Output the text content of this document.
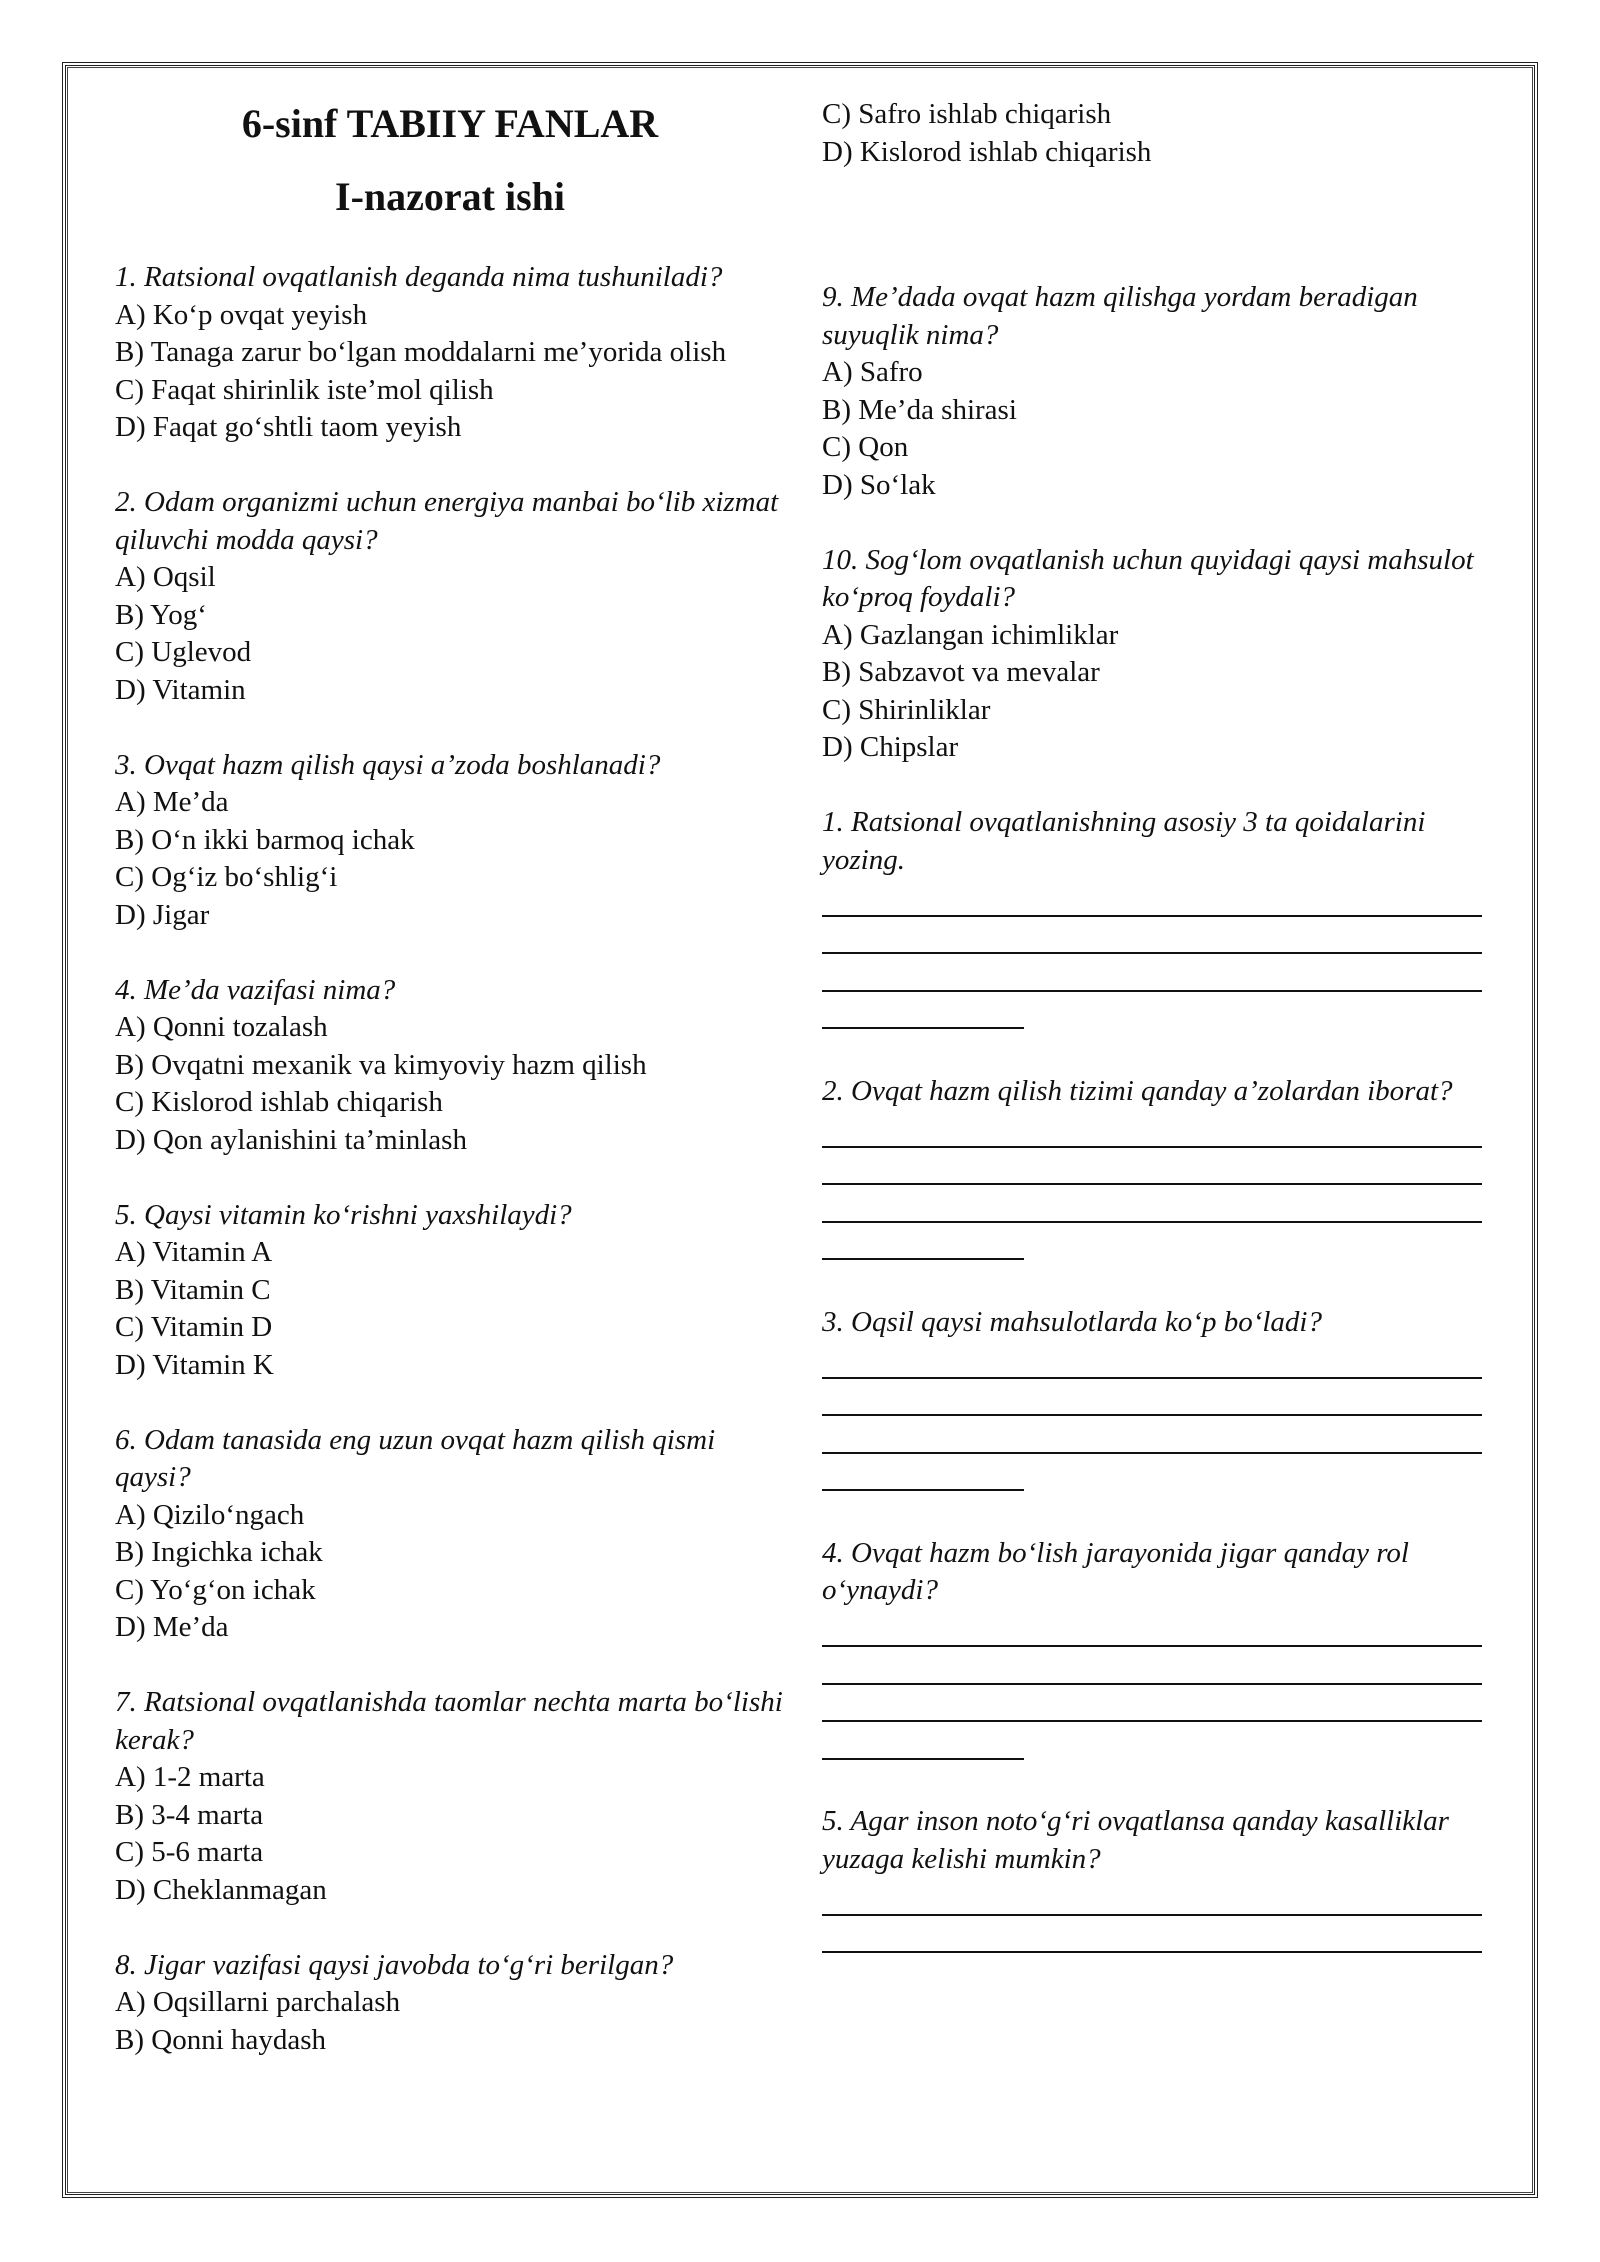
6-sinf TABIIY FANLAR
I-nazorat ishi
1. Ratsional ovqatlanish deganda nima tushuniladi?
A) Ko‘p ovqat yeyish
B) Tanaga zarur bo‘lgan moddalarni me’yorida olish
C) Faqat shirinlik iste’mol qilish
D) Faqat go‘shtli taom yeyish
2. Odam organizmi uchun energiya manbai bo‘lib xizmat qiluvchi modda qaysi?
A) Oqsil
B) Yog‘
C) Uglevod
D) Vitamin
3. Ovqat hazm qilish qaysi a’zoda boshlanadi?
A) Me’da
B) O‘n ikki barmoq ichak
C) Og‘iz bo‘shlig‘i
D) Jigar
4. Me’da vazifasi nima?
A) Qonni tozalash
B) Ovqatni mexanik va kimyoviy hazm qilish
C) Kislorod ishlab chiqarish
D) Qon aylanishini ta’minlash
5. Qaysi vitamin ko‘rishni yaxshilaydi?
A) Vitamin A
B) Vitamin C
C) Vitamin D
D) Vitamin K
6. Odam tanasida eng uzun ovqat hazm qilish qismi qaysi?
A) Qizilo‘ngach
B) Ingichka ichak
C) Yo‘g‘on ichak
D) Me’da
7. Ratsional ovqatlanishda taomlar nechta marta bo‘lishi kerak?
A) 1-2 marta
B) 3-4 marta
C) 5-6 marta
D) Cheklanmagan
8. Jigar vazifasi qaysi javobda to‘g‘ri berilgan?
A) Oqsillarni parchalash
B) Qonni haydash
C) Safro ishlab chiqarish
D) Kislorod ishlab chiqarish
9. Me’dada ovqat hazm qilishga yordam beradigan suyuqlik nima?
A) Safro
B) Me’da shirasi
C) Qon
D) So‘lak
10. Sog‘lom ovqatlanish uchun quyidagi qaysi mahsulot ko‘proq foydali?
A) Gazlangan ichimliklar
B) Sabzavot va mevalar
C) Shirinliklar
D) Chipslar
1. Ratsional ovqatlanishning asosiy 3 ta qoidalarini yozing.
2. Ovqat hazm qilish tizimi qanday a’zolardan iborat?
3. Oqsil qaysi mahsulotlarda ko‘p bo‘ladi?
4. Ovqat hazm bo‘lish jarayonida jigar qanday rol o‘ynaydi?
5. Agar inson noto‘g‘ri ovqatlansa qanday kasalliklar yuzaga kelishi mumkin?
